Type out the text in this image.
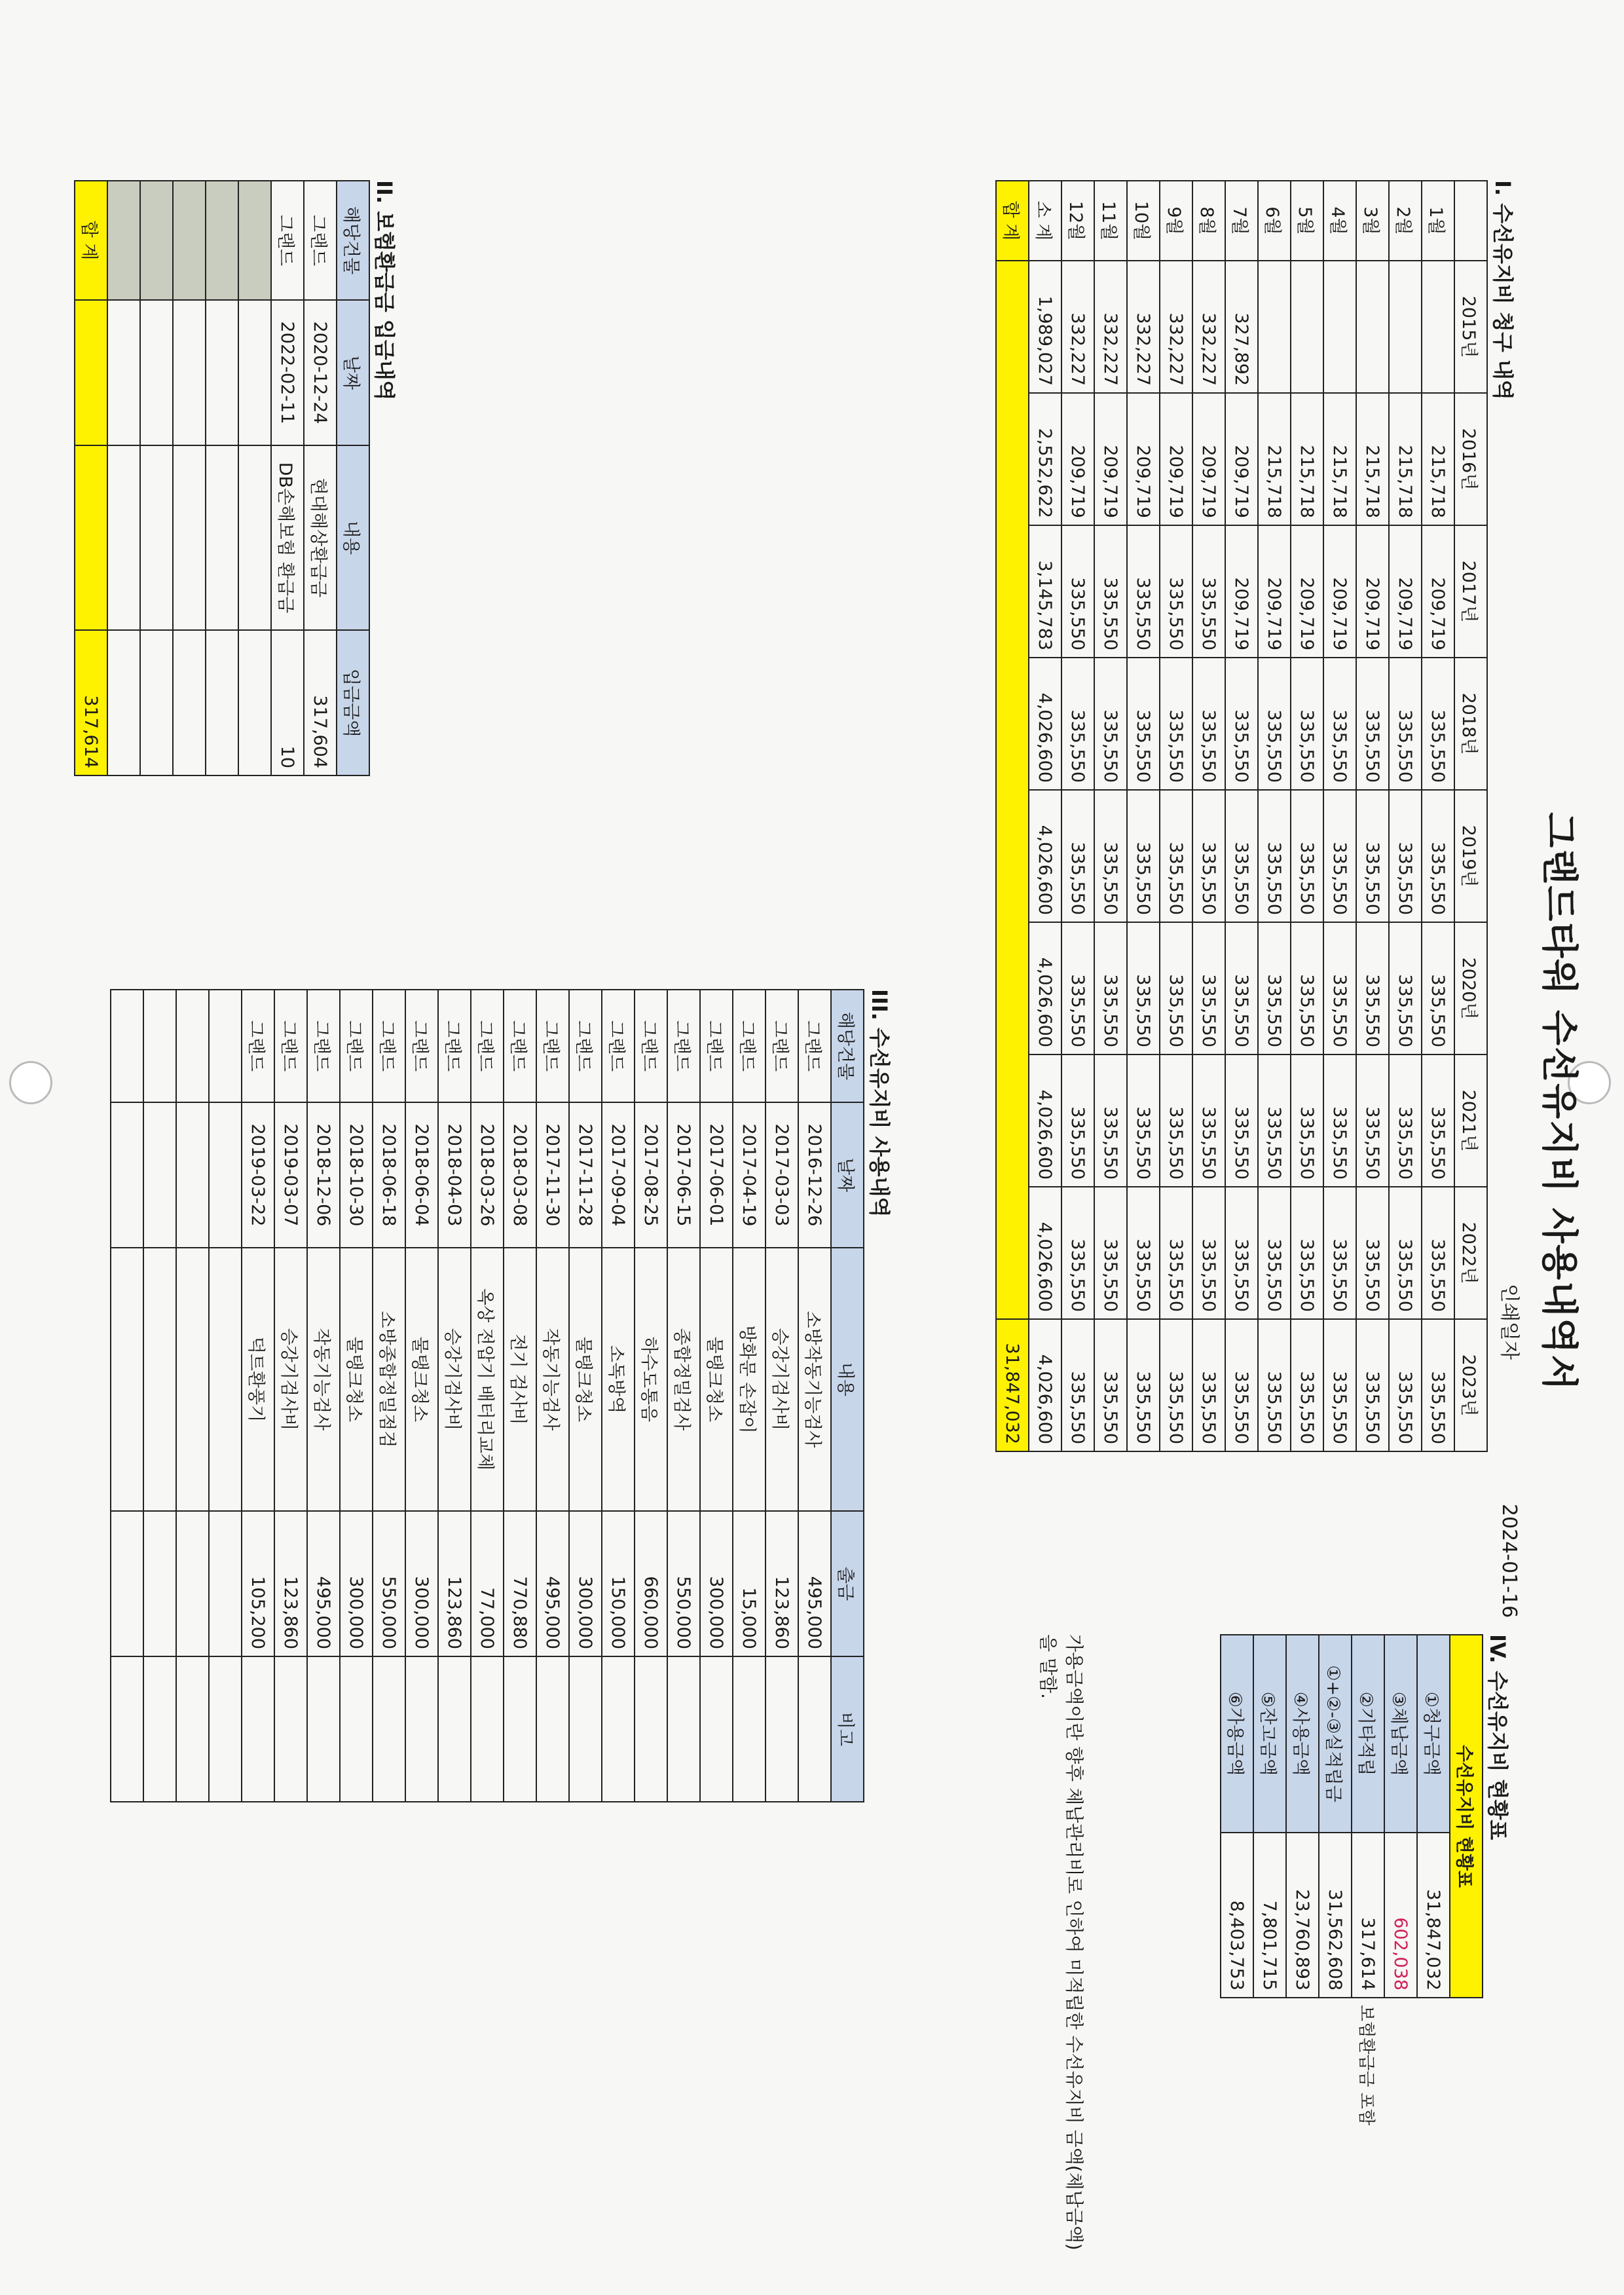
그랜드타워 수선유지비 사용내역서
인쇄일자2024-01-16
I. 수선유지비 청구 내역
	2015년	2016년	2017년	2018년	2019년	2020년	2021년	2022년	2023년
1월		215,718	209,719	335,550	335,550	335,550	335,550	335,550	335,550
2월		215,718	209,719	335,550	335,550	335,550	335,550	335,550	335,550
3월		215,718	209,719	335,550	335,550	335,550	335,550	335,550	335,550
4월		215,718	209,719	335,550	335,550	335,550	335,550	335,550	335,550
5월		215,718	209,719	335,550	335,550	335,550	335,550	335,550	335,550
6월		215,718	209,719	335,550	335,550	335,550	335,550	335,550	335,550
7월	327,892	209,719	209,719	335,550	335,550	335,550	335,550	335,550	335,550
8월	332,227	209,719	335,550	335,550	335,550	335,550	335,550	335,550	335,550
9월	332,227	209,719	335,550	335,550	335,550	335,550	335,550	335,550	335,550
10월	332,227	209,719	335,550	335,550	335,550	335,550	335,550	335,550	335,550
11월	332,227	209,719	335,550	335,550	335,550	335,550	335,550	335,550	335,550
12월	332,227	209,719	335,550	335,550	335,550	335,550	335,550	335,550	335,550
소 계	1,989,027	2,552,622	3,145,783	4,026,600	4,026,600	4,026,600	4,026,600	4,026,600	4,026,600
합 계									31,847,032
II. 보험환급금 입금내역
해당건물	날짜	내용	입금금액
그랜드	2020-12-24	현대해상환급금	317,604
그랜드	2022-02-11	DB손해보험 환급금	10

합 계			317,614
III. 수선유지비 사용내역
해당건물	날짜	내용	출금	비고
그랜드	2016-12-26	소방작동기능검사	495,000	
그랜드	2017-03-03	승강기검사비	123,860	
그랜드	2017-04-19	방화문 손잡이	15,000	
그랜드	2017-06-01	물탱크청소	300,000	
그랜드	2017-06-15	종합정밀검사	550,000	
그랜드	2017-08-25	하수도통음	660,000	
그랜드	2017-09-04	소독방역	150,000	
그랜드	2017-11-28	물탱크청소	300,000	
그랜드	2017-11-30	작동기능검사	495,000	
그랜드	2018-03-08	전기 검사비	770,880	
그랜드	2018-03-26	옥상 전압기 배터리교체	77,000	
그랜드	2018-04-03	승강기검사비	123,860	
그랜드	2018-06-04	물탱크청소	300,000	
그랜드	2018-06-18	소방종합정밀점검	550,000	
그랜드	2018-10-30	물탱크청소	300,000	
그랜드	2018-12-06	작동기능검사	495,000	
그랜드	2019-03-07	승강기검사비	123,860	
그랜드	2019-03-22	덕트환풍기	105,200	

IV. 수선유지비 현황표
수선유지비 현황표		
①청구금액	31,847,032	
③체납금액	602,038	
②기타적립	317,614	보험환급금 포함
①+②-③실적립금	31,562,608	
④사용금액	23,760,893	
⑤잔고금액	7,801,715	
⑥가용금액	8,403,753	
가용금액이란 향후 체납관리비로 인하여 미적립한 수선유지비 금액(체납금액)을 말함.
